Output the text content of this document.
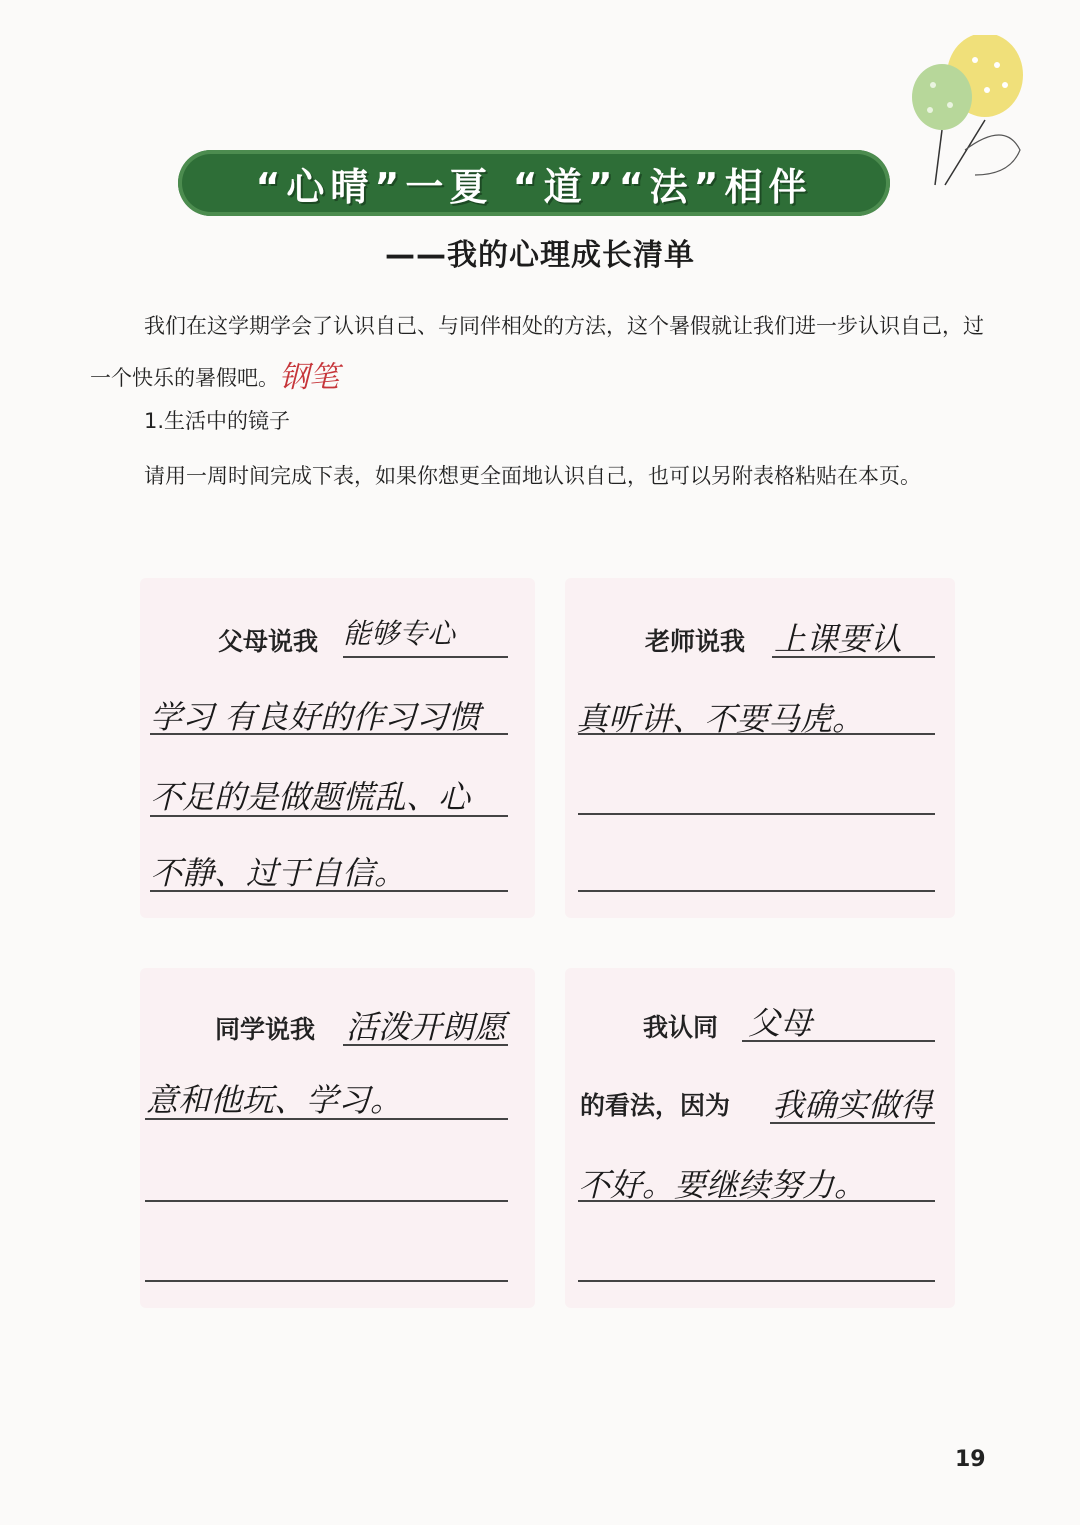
“心晴”一夏 “道”“法”相伴
——我的心理成长清单
我们在这学期学会了认识自己、与同伴相处的方法，这个暑假就让我们进一步认识自己，过一个快乐的暑假吧。钢笔
1.生活中的镜子
请用一周时间完成下表，如果你想更全面地认识自己，也可以另附表格粘贴在本页。
父母说我 能够专心
学习 有良好的作习习惯
不足的是做题慌乱、心
不静、过于自信。
老师说我 上课要认
真听讲、不要马虎。
同学说我 活泼开朗愿
意和他玩、学习。
我认同 父母
的看法，因为 我确实做得
不好。要继续努力。
19
